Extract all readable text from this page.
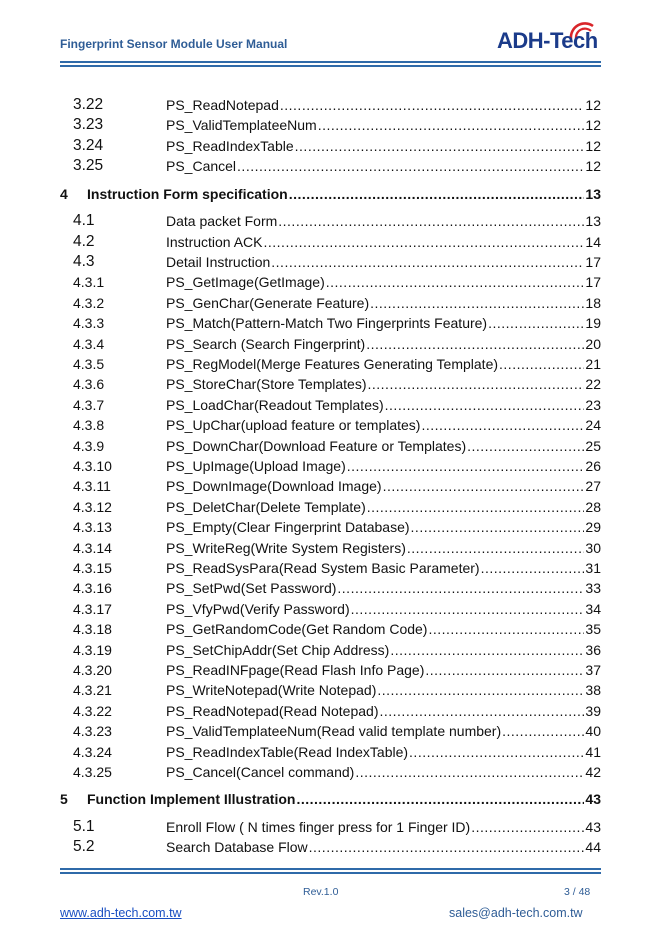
Fingerprint Sensor Module User Manual	ADH-Tech
3.22	PS_ReadNotepad .....	12
3.23	PS_ValidTemplateeNum .....	12
3.24	PS_ReadIndexTable .....	12
3.25	PS_Cancel .....	12
4 Instruction Form specification .....	13
4.1	Data packet Form .....	13
4.2	Instruction ACK .....	14
4.3	Detail Instruction .....	17
4.3.1	PS_GetImage(GetImage) .....	17
4.3.2	PS_GenChar(Generate Feature) .....	18
4.3.3	PS_Match(Pattern-Match Two Fingerprints Feature) .....	19
4.3.4	PS_Search (Search Fingerprint) .....	20
4.3.5	PS_RegModel(Merge Features Generating Template) .....	21
4.3.6	PS_StoreChar(Store Templates) .....	22
4.3.7	PS_LoadChar(Readout Templates) .....	23
4.3.8	PS_UpChar(upload feature or templates) .....	24
4.3.9	PS_DownChar(Download Feature or Templates) .....	25
4.3.10	PS_UpImage(Upload Image) .....	26
4.3.11	PS_DownImage(Download Image) .....	27
4.3.12	PS_DeletChar(Delete Template) .....	28
4.3.13	PS_Empty(Clear Fingerprint Database) .....	29
4.3.14	PS_WriteReg(Write System Registers) .....	30
4.3.15	PS_ReadSysPara(Read System Basic Parameter) .....	31
4.3.16	PS_SetPwd(Set Password) .....	33
4.3.17	PS_VfyPwd(Verify Password) .....	34
4.3.18	PS_GetRandomCode(Get Random Code) .....	35
4.3.19	PS_SetChipAddr(Set Chip Address) .....	36
4.3.20	PS_ReadINFpage(Read Flash Info Page) .....	37
4.3.21	PS_WriteNotepad(Write Notepad) .....	38
4.3.22	PS_ReadNotepad(Read Notepad) .....	39
4.3.23	PS_ValidTemplateeNum(Read valid template number) .....	40
4.3.24	PS_ReadIndexTable(Read IndexTable) .....	41
4.3.25	PS_Cancel(Cancel command) .....	42
5 Function Implement Illustration .....	43
5.1	Enroll Flow ( N times finger press for 1 Finger ID) .....	43
5.2	Search Database Flow .....	44
Rev.1.0	3 / 48
www.adh-tech.com.tw	sales@adh-tech.com.tw
